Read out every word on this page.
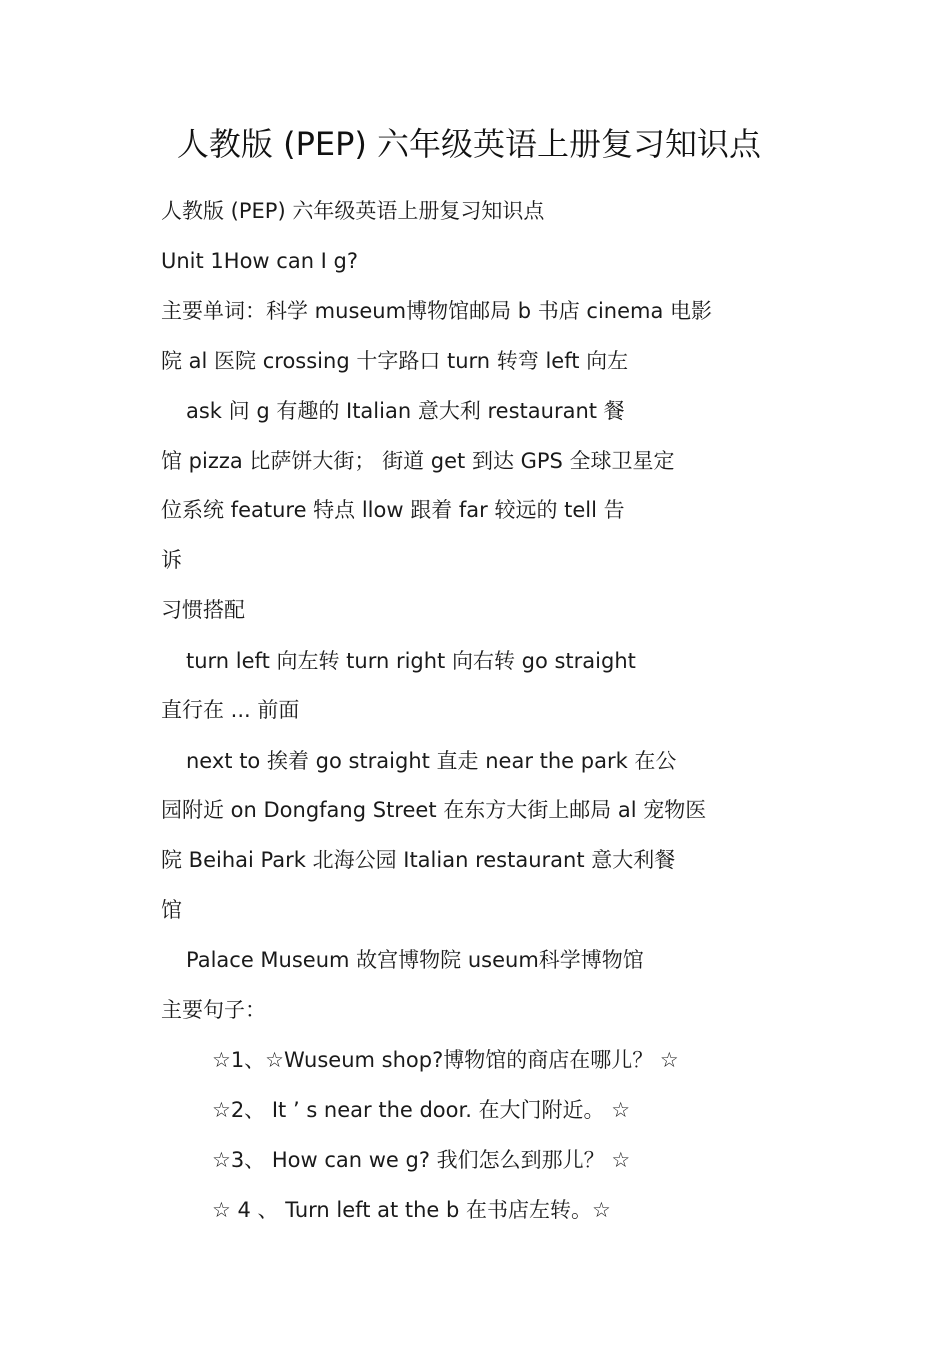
人教版 (PEP) 六年级英语上册复习知识点
人教版 (PEP) 六年级英语上册复习知识点
Unit 1How can I g?
主要单词：科学 museum博物馆邮局 b 书店 cinema 电影
院 al 医院 crossing 十字路口 turn 转弯 left 向左
ask 问 g 有趣的 Italian 意大利 restaurant 餐
馆 pizza 比萨饼大街； 街道 get 到达 GPS 全球卫星定
位系统 feature 特点 llow 跟着 far 较远的 tell 告
诉
习惯搭配
turn left 向左转 turn right 向右转 go straight
直行在 ... 前面
next to 挨着 go straight 直走 near the park 在公
园附近 on Dongfang Street 在东方大街上邮局 al 宠物医
院 Beihai Park 北海公园 Italian restaurant 意大利餐
馆
Palace Museum 故宫博物院 useum科学博物馆
主要句子：
☆1、☆Wuseum shop?博物馆的商店在哪儿？ ☆
☆2、 It ’ s near the door. 在大门附近。 ☆
☆3、 How can we g? 我们怎么到那儿？ ☆
☆ 4 、 Turn left at the b 在书店左转。☆
